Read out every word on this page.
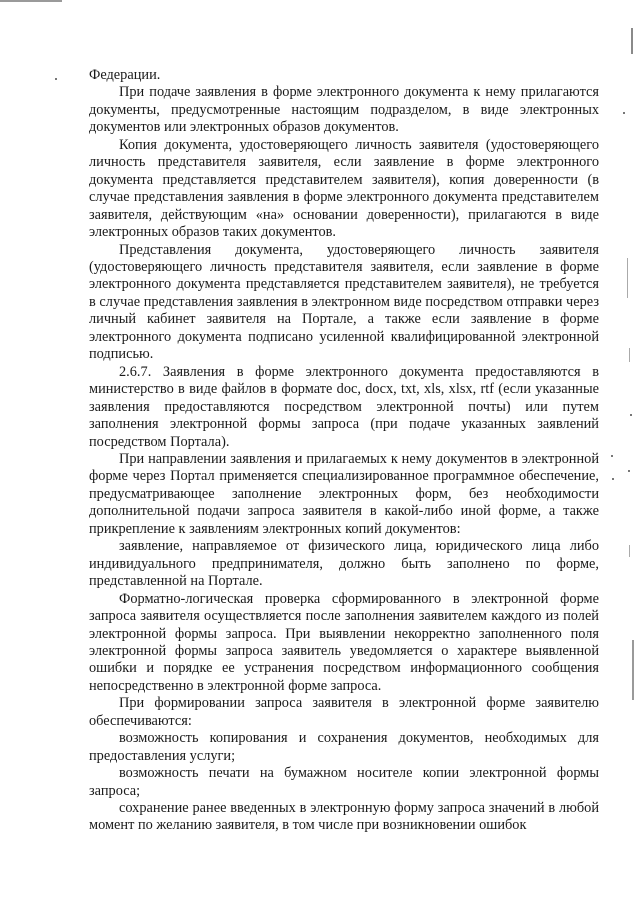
Федерации.

При подаче заявления в форме электронного документа к нему прилагаются документы, предусмотренные настоящим подразделом, в виде электронных документов или электронных образов документов.

Копия документа, удостоверяющего личность заявителя (удостоверяющего личность представителя заявителя, если заявление в форме электронного документа представляется представителем заявителя), копия доверенности (в случае представления заявления в форме электронного документа представителем заявителя, действующим «на» основании доверенности), прилагаются в виде электронных образов таких документов.

Представления документа, удостоверяющего личность заявителя (удостоверяющего личность представителя заявителя, если заявление в форме электронного документа представляется представителем заявителя), не требуется в случае представления заявления в электронном виде посредством отправки через личный кабинет заявителя на Портале, а также если заявление в форме электронного документа подписано усиленной квалифицированной электронной подписью.

2.6.7. Заявления в форме электронного документа предоставляются в министерство в виде файлов в формате doc, docx, txt, xls, xlsx, rtf (если указанные заявления предоставляются посредством электронной почты) или путем заполнения электронной формы запроса (при подаче указанных заявлений посредством Портала).

При направлении заявления и прилагаемых к нему документов в электронной форме через Портал применяется специализированное программное обеспечение, предусматривающее заполнение электронных форм, без необходимости дополнительной подачи запроса заявителя в какой-либо иной форме, а также прикрепление к заявлениям электронных копий документов:

заявление, направляемое от физического лица, юридического лица либо индивидуального предпринимателя, должно быть заполнено по форме, представленной на Портале.

Форматно-логическая проверка сформированного в электронной форме запроса заявителя осуществляется после заполнения заявителем каждого из полей электронной формы запроса. При выявлении некорректно заполненного поля электронной формы запроса заявитель уведомляется о характере выявленной ошибки и порядке ее устранения посредством информационного сообщения непосредственно в электронной форме запроса.

При формировании запроса заявителя в электронной форме заявителю обеспечиваются:

возможность копирования и сохранения документов, необходимых для предоставления услуги;

возможность печати на бумажном носителе копии электронной формы запроса;

сохранение ранее введенных в электронную форму запроса значений в любой момент по желанию заявителя, в том числе при возникновении ошибок
